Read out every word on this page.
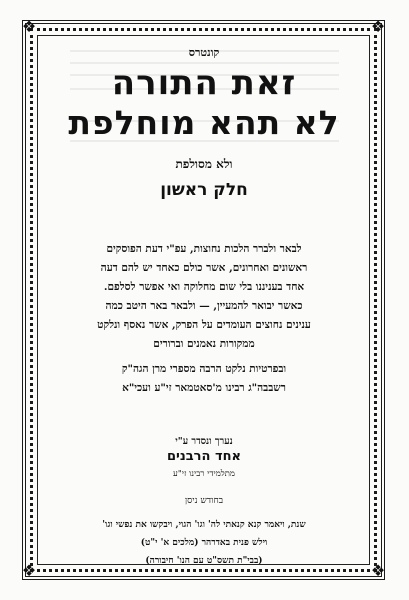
❖	❖
❖	❖
קונטרס
זאת התורה
לא תהא מוחלפת
ולא מסולפת
חלק ראשון

לבאר ולברר הלכות נחוצות, עפ"י דעת הפוסקים

ראשונים ואחרונים, אשר כולם כאחד יש להם דעה

אחד בעניננו בלי שום מחלוקה ואי אפשר לסלפם.

כאשר יבואר להמעיין, — ולבאר באר היטב כמה

ענינים נחוצים העומדים על הפרק, אשר נאסף ונלקט

ממקורות נאמנים וברורים

ובפרטיות נלקט הרבה מספרי מרן הגה"ק

רשבבה"ג רבינו מ'סאטמאר זי"ע ועכי"א

נערך ונסדר ע"י
אחד הרבנים
מתלמידי רבינו זי"ע
בחודש ניסן
שנת, ויאמר קנא קנאתי לה' וגו' הגוי, ויבקשו את נפשי וגו'
וילש פנית באדרהר (מלכים א' י"ט)
(בבי"ת תשס"ט עם הנו' חיבורה)
